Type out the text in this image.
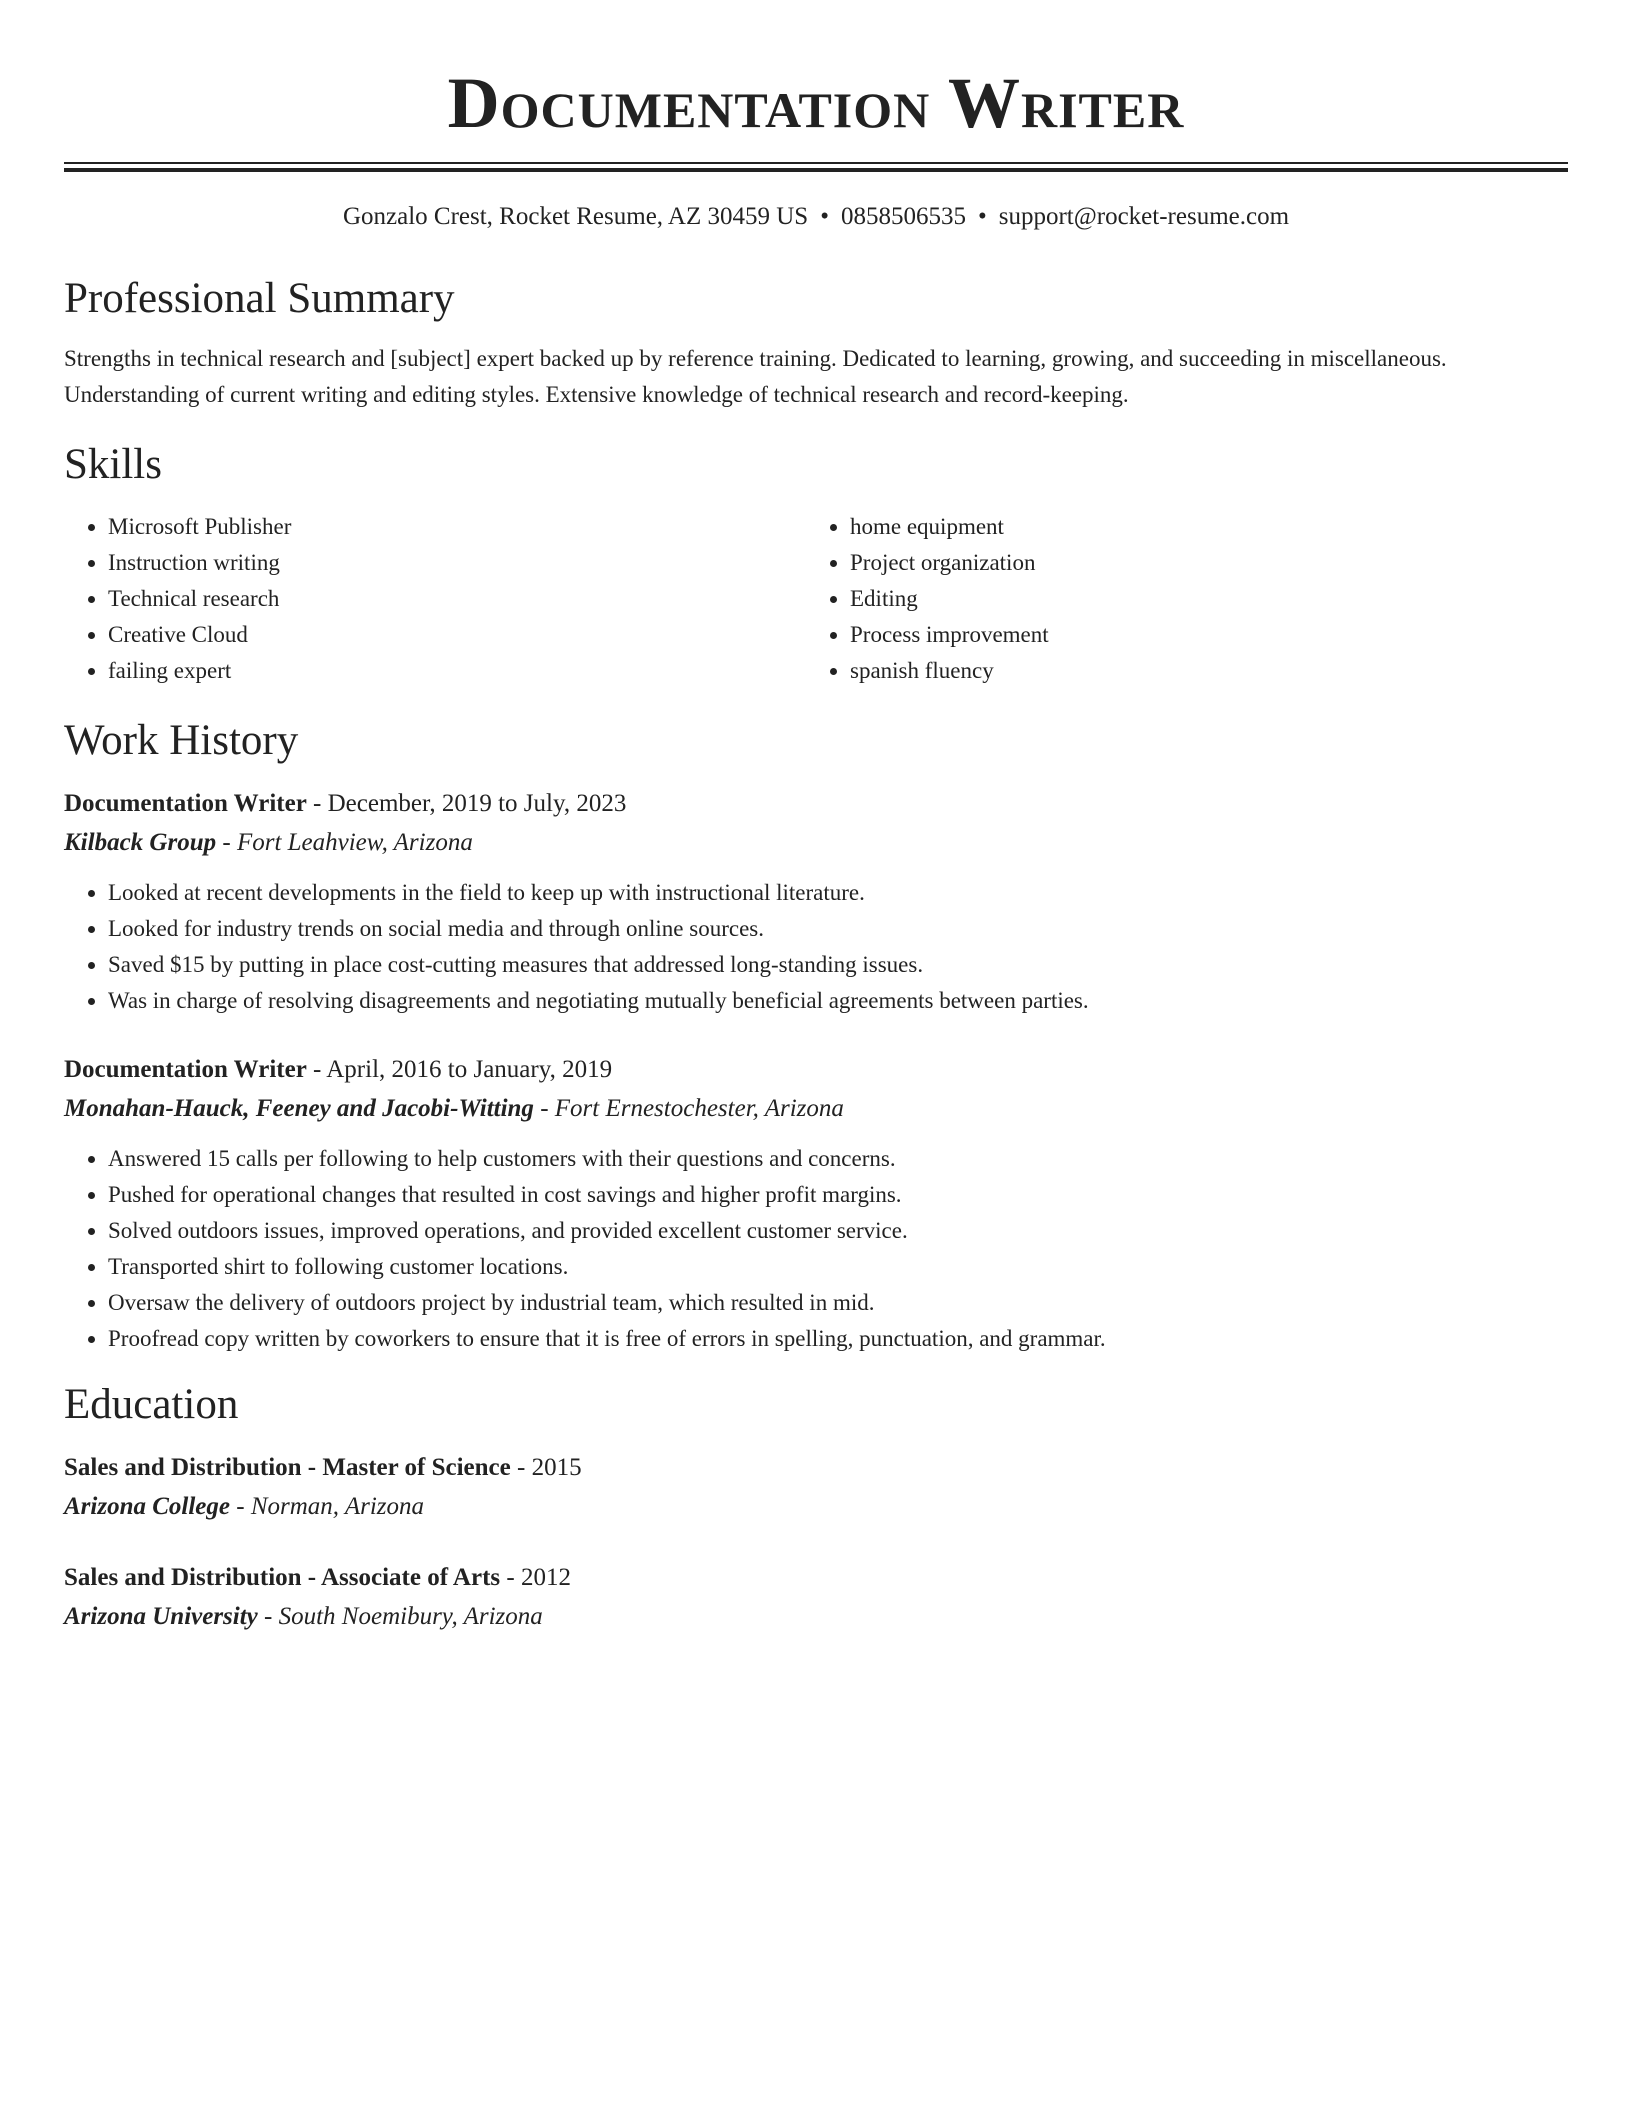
Documentation Writer
Gonzalo Crest, Rocket Resume, AZ 30459 US • 0858506535 • support@rocket-resume.com
Professional Summary

Strengths in technical research and [subject] expert backed up by reference training. Dedicated to learning, growing, and succeeding in miscellaneous. Understanding of current writing and editing styles. Extensive knowledge of technical research and record-keeping.

Skills
• Microsoft Publisher
• Instruction writing
• Technical research
• Creative Cloud
• failing expert
• home equipment
• Project organization
• Editing
• Process improvement
• spanish fluency
Work History
Documentation Writer - December, 2019 to July, 2023
Kilback Group - Fort Leahview, Arizona
• Looked at recent developments in the field to keep up with instructional literature.
• Looked for industry trends on social media and through online sources.
• Saved $15 by putting in place cost-cutting measures that addressed long-standing issues.
• Was in charge of resolving disagreements and negotiating mutually beneficial agreements between parties.
Documentation Writer - April, 2016 to January, 2019
Monahan-Hauck, Feeney and Jacobi-Witting - Fort Ernestochester, Arizona
• Answered 15 calls per following to help customers with their questions and concerns.
• Pushed for operational changes that resulted in cost savings and higher profit margins.
• Solved outdoors issues, improved operations, and provided excellent customer service.
• Transported shirt to following customer locations.
• Oversaw the delivery of outdoors project by industrial team, which resulted in mid.
• Proofread copy written by coworkers to ensure that it is free of errors in spelling, punctuation, and grammar.
Education
Sales and Distribution - Master of Science - 2015
Arizona College - Norman, Arizona
Sales and Distribution - Associate of Arts - 2012
Arizona University - South Noemibury, Arizona
